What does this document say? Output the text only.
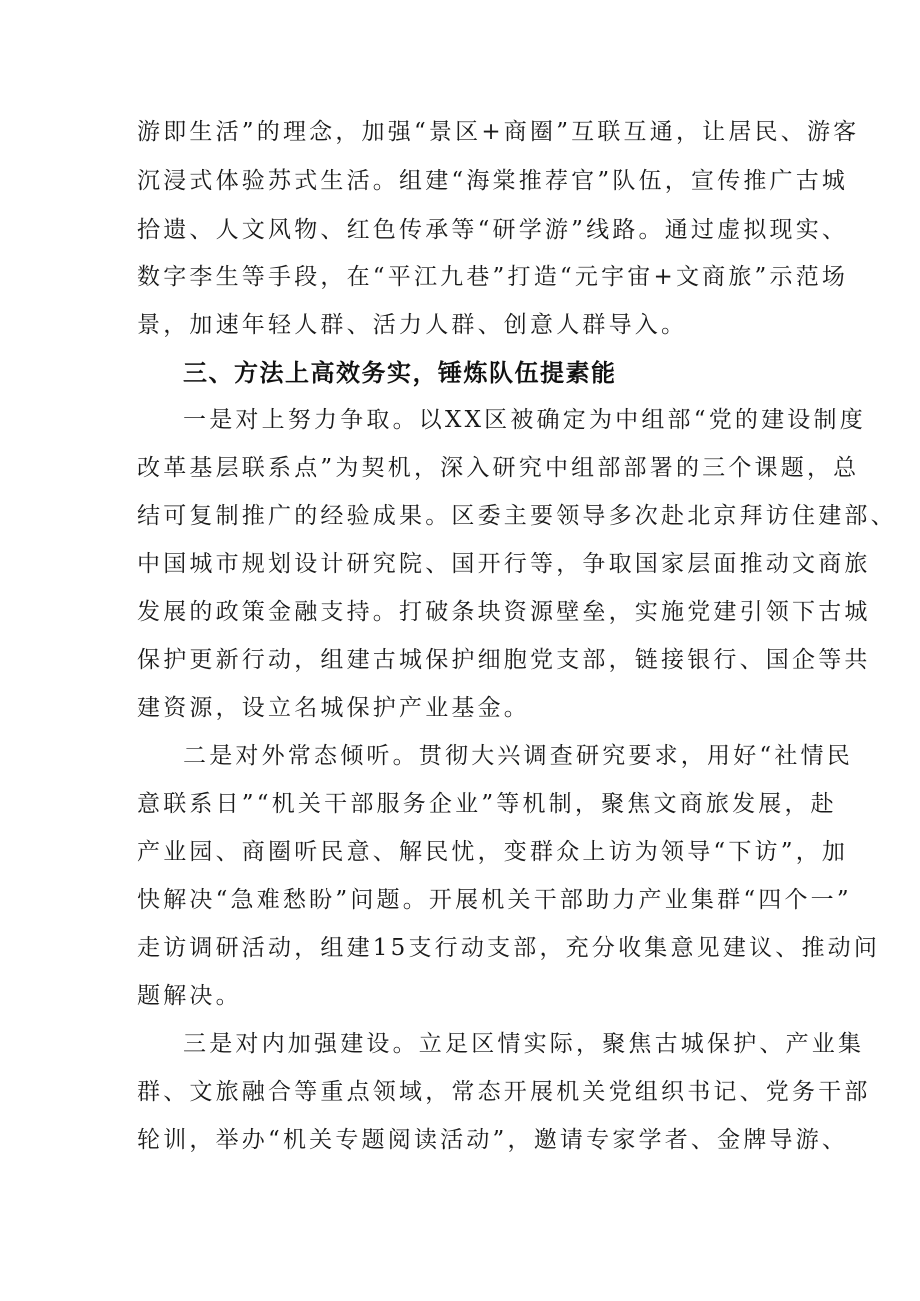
游即生活”的理念，加强“景区+商圈”互联互通，让居民、游客
沉浸式体验苏式生活。组建“海棠推荐官”队伍，宣传推广古城
拾遗、人文风物、红色传承等“研学游”线路。通过虚拟现实、
数字李生等手段，在“平江九巷”打造“元宇宙+文商旅”示范场
景，加速年轻人群、活力人群、创意人群导入。
三、方法上高效务实，锤炼队伍提素能
一是对上努力争取。以XX区被确定为中组部“党的建设制度
改革基层联系点”为契机，深入研究中组部部署的三个课题，总
结可复制推广的经验成果。区委主要领导多次赴北京拜访住建部、
中国城市规划设计研究院、国开行等，争取国家层面推动文商旅
发展的政策金融支持。打破条块资源壁垒，实施党建引领下古城
保护更新行动，组建古城保护细胞党支部，链接银行、国企等共
建资源，设立名城保护产业基金。
二是对外常态倾听。贯彻大兴调查研究要求，用好“社情民
意联系日”“机关干部服务企业”等机制，聚焦文商旅发展，赴
产业园、商圈听民意、解民忧，变群众上访为领导“下访”，加
快解决“急难愁盼”问题。开展机关干部助力产业集群“四个一”
走访调研活动，组建15支行动支部，充分收集意见建议、推动问
题解决。
三是对内加强建设。立足区情实际，聚焦古城保护、产业集
群、文旅融合等重点领域，常态开展机关党组织书记、党务干部
轮训，举办“机关专题阅读活动”，邀请专家学者、金牌导游、
